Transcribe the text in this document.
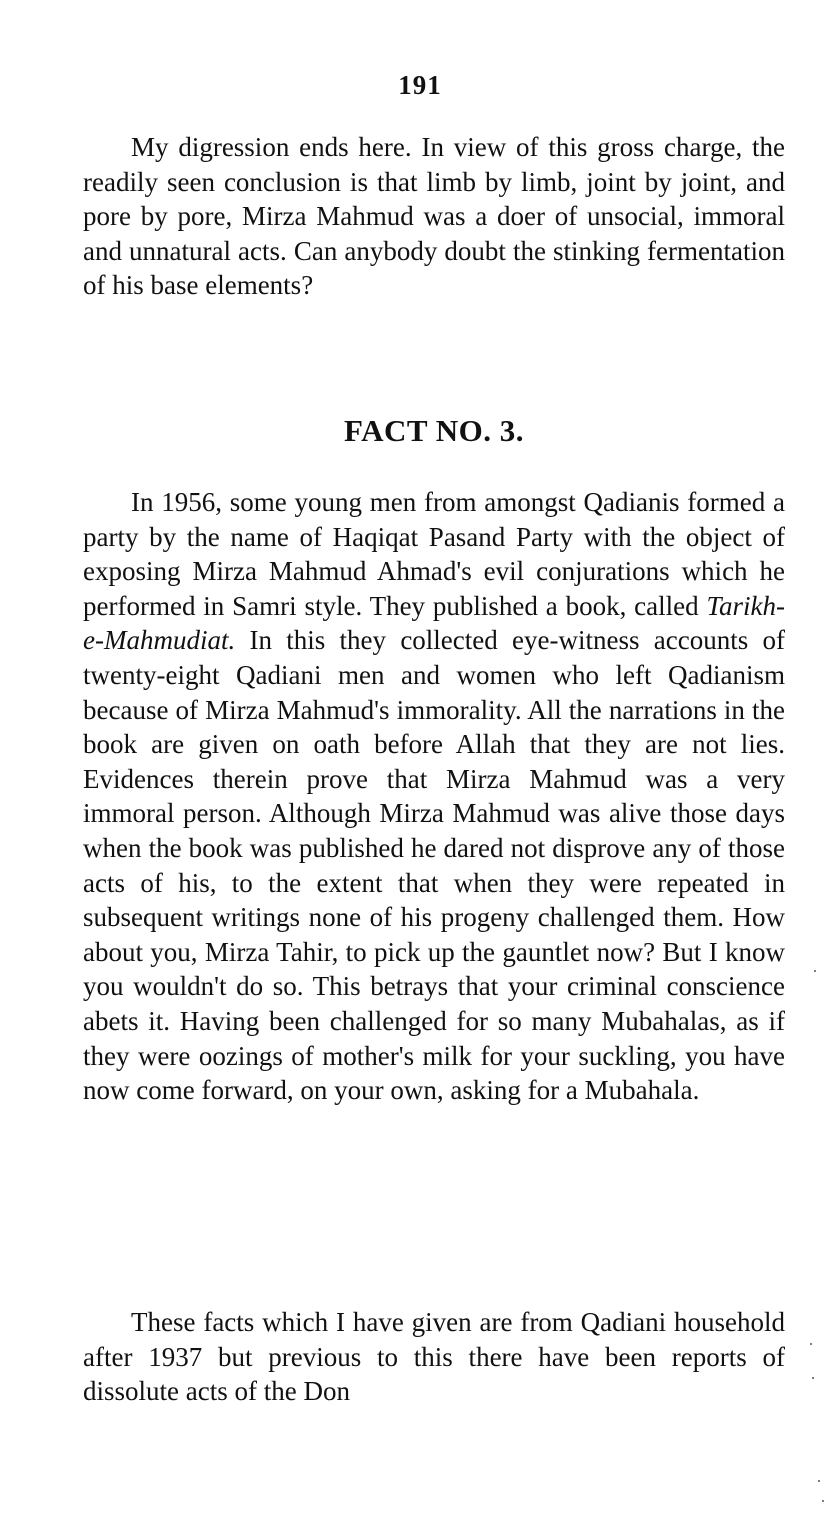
191

My digression ends here. In view of this gross charge, the readily seen conclusion is that limb by limb, joint by joint, and pore by pore, Mirza Mahmud was a doer of unsocial, immoral and unnatural acts. Can anybody doubt the stinking fermentation of his base elements?

FACT NO. 3.

In 1956, some young men from amongst Qadianis formed a party by the name of Haqiqat Pasand Party with the object of exposing Mirza Mahmud Ahmad's evil conjurations which he performed in Samri style. They published a book, called Tarikh-e-Mahmudiat. In this they collected eye-witness accounts of twenty-eight Qadiani men and women who left Qadianism because of Mirza Mahmud's immorality. All the narrations in the book are given on oath before Allah that they are not lies. Evidences therein prove that Mirza Mahmud was a very immoral person. Although Mirza Mahmud was alive those days when the book was published he dared not disprove any of those acts of his, to the extent that when they were repeated in subsequent writings none of his progeny challenged them. How about you, Mirza Tahir, to pick up the gauntlet now? But I know you wouldn't do so. This betrays that your criminal conscience abets it. Having been challenged for so many Mubahalas, as if they were oozings of mother's milk for your suckling, you have now come forward, on your own, asking for a Mubahala.

These facts which I have given are from Qadiani household after 1937 but previous to this there have been reports of dissolute acts of the Don
